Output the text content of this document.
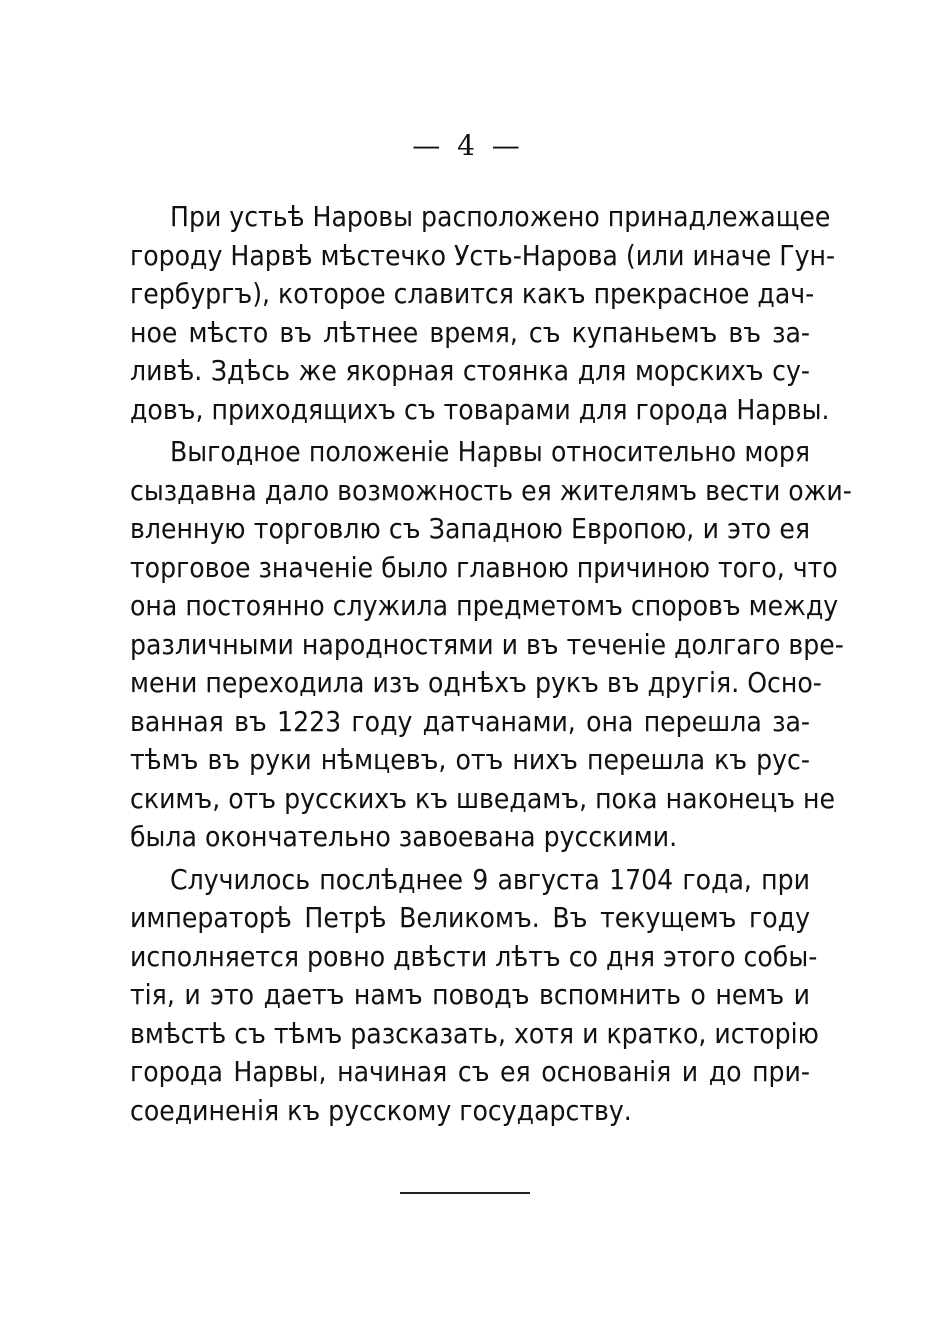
— 4 —
При устьѣ Наровы расположено принадлежащее
городу Нарвѣ мѣстечко Усть-Нарова (или иначе Гун-
гербургъ), которое славится какъ прекрасное дач-
ное мѣсто въ лѣтнее время, съ купаньемъ въ за-
ливѣ. Здѣсь же якорная стоянка для морскихъ су-
довъ, приходящихъ съ товарами для города Нарвы.
Выгодное положеніе Нарвы относительно моря
сыздавна дало возможность ея жителямъ вести ожи-
вленную торговлю съ Западною Европою, и это ея
торговое значеніе было главною причиною того, что
она постоянно служила предметомъ споровъ между
различными народностями и въ теченіе долгаго вре-
мени переходила изъ однѣхъ рукъ въ другія. Осно-
ванная въ 1223 году датчанами, она перешла за-
тѣмъ въ руки нѣмцевъ, отъ нихъ перешла къ рус-
скимъ, отъ русскихъ къ шведамъ, пока наконецъ не
была окончательно завоевана русскими.
Случилось послѣднее 9 августа 1704 года, при
императорѣ Петрѣ Великомъ. Въ текущемъ году
исполняется ровно двѣсти лѣтъ со дня этого собы-
тія, и это даетъ намъ поводъ вспомнить о немъ и
вмѣстѣ съ тѣмъ разсказать, хотя и кратко, исторію
города Нарвы, начиная съ ея основанія и до при-
соединенія къ русскому государству.
